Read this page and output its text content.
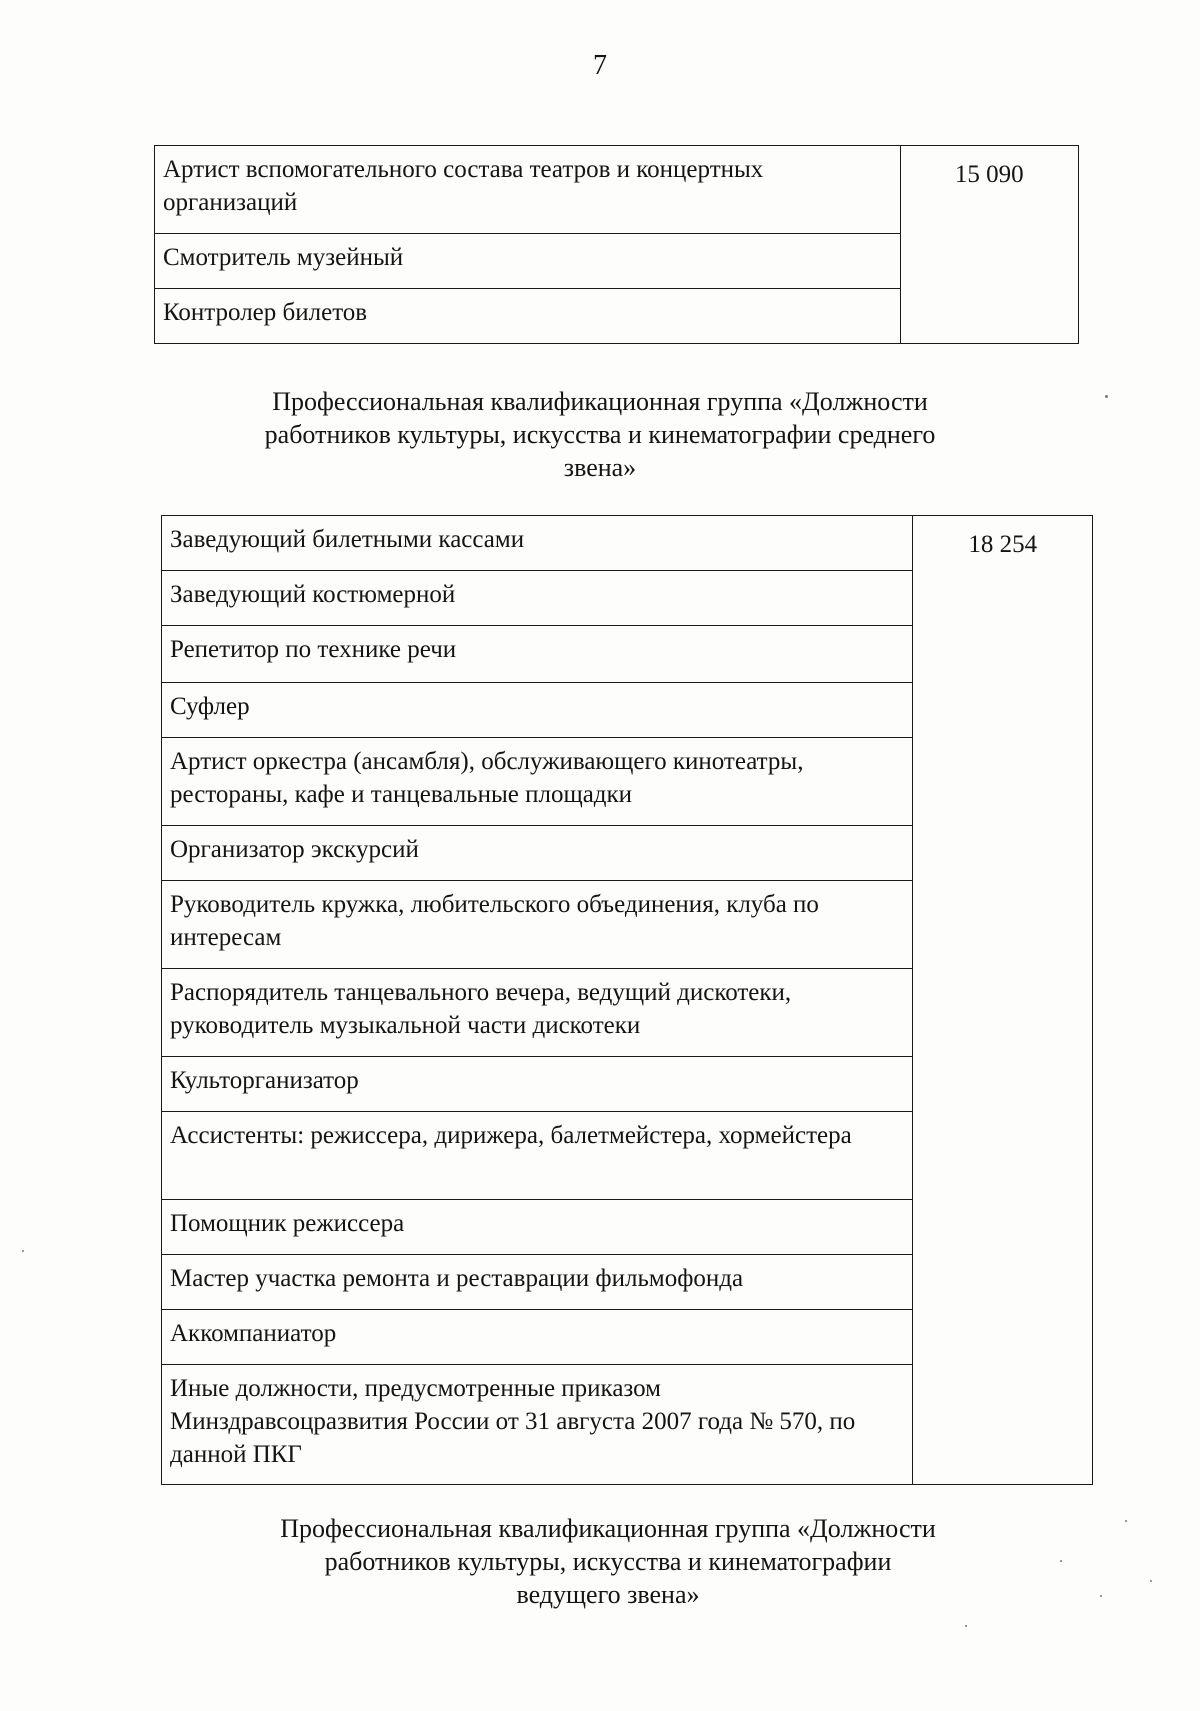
7
Артист вспомогательного состава театров и концертных организаций	15 090
Смотритель музейный
Контролер билетов
Профессиональная квалификационная группа «Должности
работников культуры, искусства и кинематографии среднего
звена»
Заведующий билетными кассами	18 254
Заведующий костюмерной
Репетитор по технике речи
Суфлер
Артист оркестра (ансамбля), обслуживающего кинотеатры, рестораны, кафе и танцевальные площадки
Организатор экскурсий
Руководитель кружка, любительского объединения, клуба по интересам
Распорядитель танцевального вечера, ведущий дискотеки, руководитель музыкальной части дискотеки
Культорганизатор
Ассистенты: режиссера, дирижера, балетмейстера, хормейстера
Помощник режиссера
Мастер участка ремонта и реставрации фильмофонда
Аккомпаниатор
Иные должности, предусмотренные приказом Минздравсоцразвития России от 31 августа 2007 года № 570, по данной ПКГ
Профессиональная квалификационная группа «Должности
работников культуры, искусства и кинематографии
ведущего звена»
